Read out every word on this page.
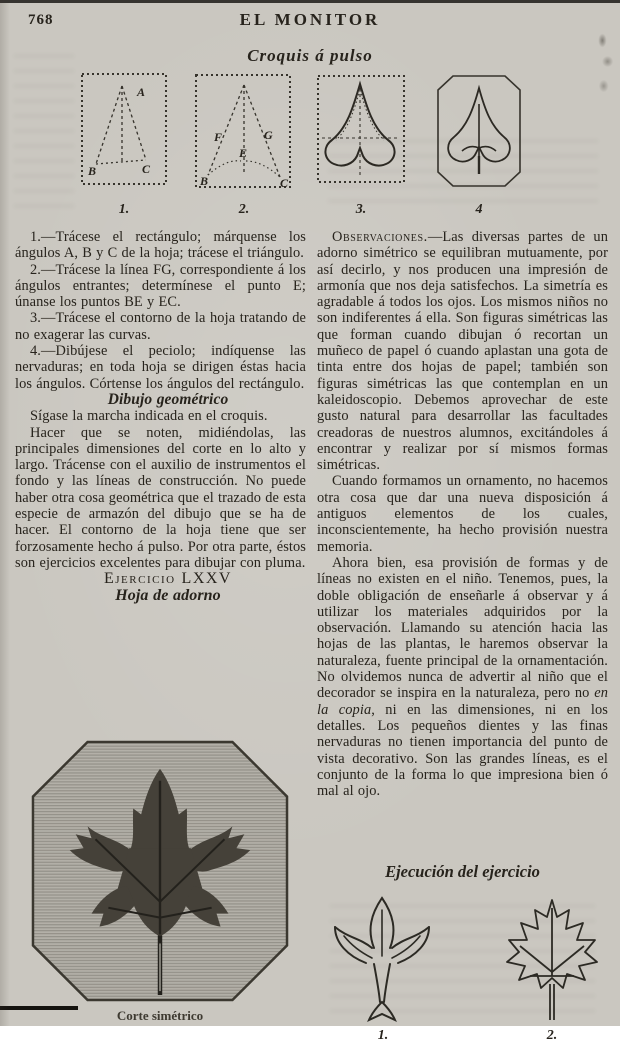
768	EL MONITOR
Croquis á pulso
A
B	C
1.
F	G
E
B	C
2.	3.	4

1.—Trácese el rectángulo; márquense los ángulos A, B y C de la hoja; trácese el triángulo.

2.—Trácese la línea FG, correspondiente á los ángulos entrantes; determínese el punto E; únanse los puntos BE y EC.

3.—Trácese el contorno de la hoja tratando de no exagerar las curvas.

4.—Dibújese el peciolo; indíquense las nervaduras; en toda hoja se dirigen éstas hacia los ángulos. Córtense los ángulos del rectángulo.

Dibujo geométrico

Sígase la marcha indicada en el croquis.

Hacer que se noten, midiéndolas, las principales dimensiones del corte en lo alto y largo. Trácense con el auxilio de instrumentos el fondo y las líneas de construcción. No puede haber otra cosa geométrica que el trazado de esta especie de armazón del dibujo que se ha de hacer. El contorno de la hoja tiene que ser forzosamente hecho á pulso. Por otra parte, éstos son ejercicios excelentes para dibujar con pluma.

Ejercicio LXXV

Hoja de adorno

Corte simétrico

Observaciones.—Las diversas partes de un adorno simétrico se equilibran mutuamente, por así decirlo, y nos producen una impresión de armonía que nos deja satisfechos. La simetría es agradable á todos los ojos. Los mismos niños no son indiferentes á ella. Son figuras simétricas las que forman cuando dibujan ó recortan un muñeco de papel ó cuando aplastan una gota de tinta entre dos hojas de papel; también son figuras simétricas las que contemplan en un kaleidoscopio. Debemos aprovechar de este gusto natural para desarrollar las facultades creadoras de nuestros alumnos, excitándoles á encontrar y realizar por sí mismos formas simétricas.

Cuando formamos un ornamento, no hacemos otra cosa que dar una nueva disposición á antiguos elementos de los cuales, inconscientemente, ha hecho provisión nuestra memoria.

Ahora bien, esa provisión de formas y de líneas no existen en el niño. Tenemos, pues, la doble obligación de enseñarle á observar y á utilizar los materiales adquiridos por la observación. Llamando su atención hacia las hojas de las plantas, le haremos observar la naturaleza, fuente principal de la ornamentación. No olvidemos nunca de advertir al niño que el decorador se inspira en la naturaleza, pero no en la copia, ni en las dimensiones, ni en los detalles. Los pequeños dientes y las finas nervaduras no tienen importancia del punto de vista decorativo. Son las grandes líneas, es el conjunto de la forma lo que impresiona bien ó mal al ojo.

Ejecución del ejercicio
1.	2.
